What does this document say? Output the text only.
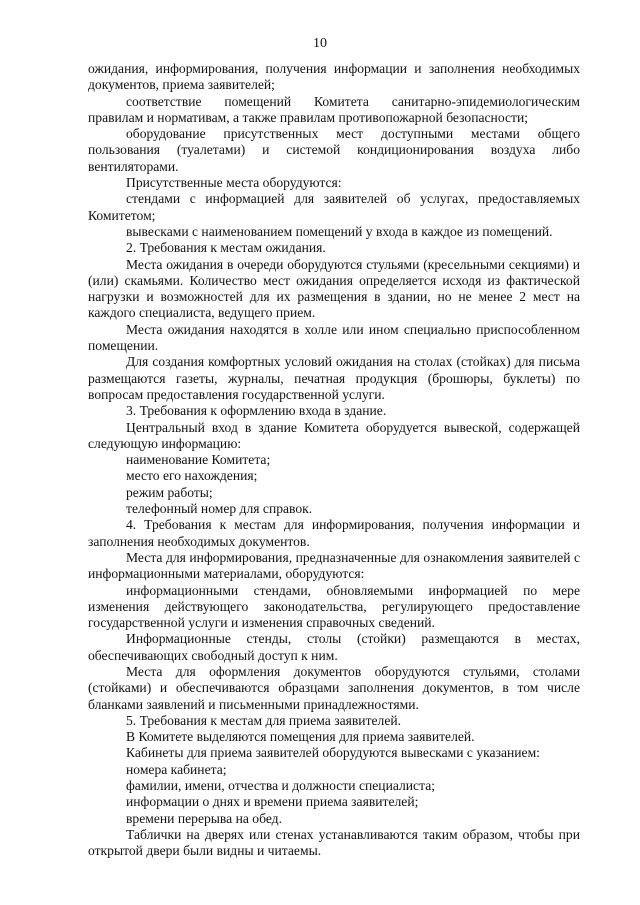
10

ожидания, информирования, получения информации и заполнения необходимых документов, приема заявителей;

соответствие помещений Комитета санитарно-эпидемиологическим правилам и нормативам, а также правилам противопожарной безопасности;

оборудование присутственных мест доступными местами общего пользования (туалетами) и системой кондиционирования воздуха либо вентиляторами.

Присутственные места оборудуются:

стендами с информацией для заявителей об услугах, предоставляемых Комитетом;

вывесками с наименованием помещений у входа в каждое из помещений.

2. Требования к местам ожидания.

Места ожидания в очереди оборудуются стульями (кресельными секциями) и (или) скамьями. Количество мест ожидания определяется исходя из фактической нагрузки и возможностей для их размещения в здании, но не менее 2 мест на каждого специалиста, ведущего прием.

Места ожидания находятся в холле или ином специально приспособленном помещении.

Для создания комфортных условий ожидания на столах (стойках) для письма размещаются газеты, журналы, печатная продукция (брошюры, буклеты) по вопросам предоставления государственной услуги.

3. Требования к оформлению входа в здание.

Центральный вход в здание Комитета оборудуется вывеской, содержащей следующую информацию:

наименование Комитета;

место его нахождения;

режим работы;

телефонный номер для справок.

4. Требования к местам для информирования, получения информации и заполнения необходимых документов.

Места для информирования, предназначенные для ознакомления заявителей с информационными материалами, оборудуются:

информационными стендами, обновляемыми информацией по мере изменения действующего законодательства, регулирующего предоставление государственной услуги и изменения справочных сведений.

Информационные стенды, столы (стойки) размещаются в местах, обеспечивающих свободный доступ к ним.

Места для оформления документов оборудуются стульями, столами (стойками) и обеспечиваются образцами заполнения документов, в том числе бланками заявлений и письменными принадлежностями.

5. Требования к местам для приема заявителей.

В Комитете выделяются помещения для приема заявителей.

Кабинеты для приема заявителей оборудуются вывесками с указанием:

номера кабинета;

фамилии, имени, отчества и должности специалиста;

информации о днях и времени приема заявителей;

времени перерыва на обед.

Таблички на дверях или стенах устанавливаются таким образом, чтобы при открытой двери были видны и читаемы.
